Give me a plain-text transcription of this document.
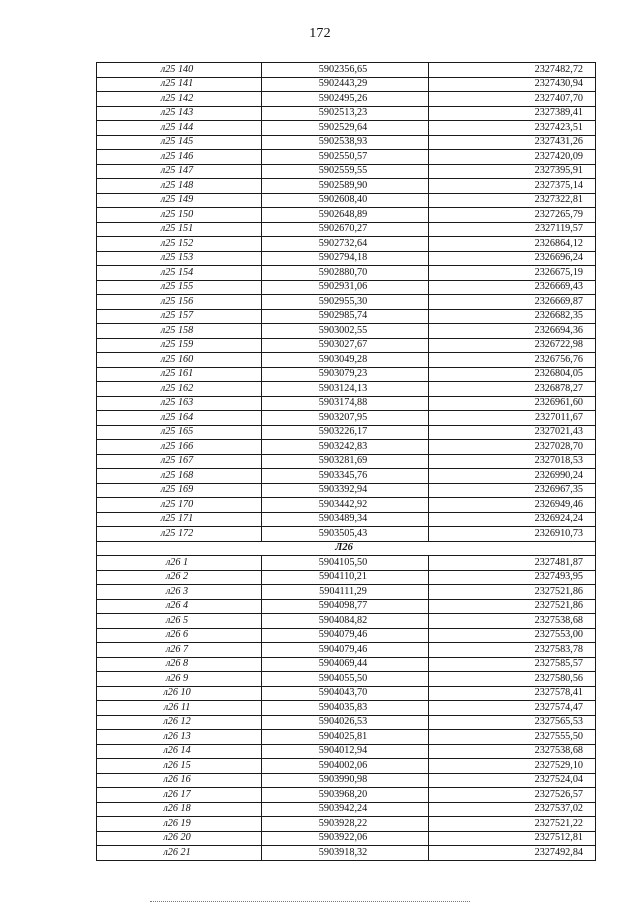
172
л25 140	5902356,65	2327482,72
л25 141	5902443,29	2327430,94
л25 142	5902495,26	2327407,70
л25 143	5902513,23	2327389,41
л25 144	5902529,64	2327423,51
л25 145	5902538,93	2327431,26
л25 146	5902550,57	2327420,09
л25 147	5902559,55	2327395,91
л25 148	5902589,90	2327375,14
л25 149	5902608,40	2327322,81
л25 150	5902648,89	2327265,79
л25 151	5902670,27	2327119,57
л25 152	5902732,64	2326864,12
л25 153	5902794,18	2326696,24
л25 154	5902880,70	2326675,19
л25 155	5902931,06	2326669,43
л25 156	5902955,30	2326669,87
л25 157	5902985,74	2326682,35
л25 158	5903002,55	2326694,36
л25 159	5903027,67	2326722,98
л25 160	5903049,28	2326756,76
л25 161	5903079,23	2326804,05
л25 162	5903124,13	2326878,27
л25 163	5903174,88	2326961,60
л25 164	5903207,95	2327011,67
л25 165	5903226,17	2327021,43
л25 166	5903242,83	2327028,70
л25 167	5903281,69	2327018,53
л25 168	5903345,76	2326990,24
л25 169	5903392,94	2326967,35
л25 170	5903442,92	2326949,46
л25 171	5903489,34	2326924,24
л25 172	5903505,43	2326910,73
Л26		
л26 1	5904105,50	2327481,87
л26 2	5904110,21	2327493,95
л26 3	5904111,29	2327521,86
л26 4	5904098,77	2327521,86
л26 5	5904084,82	2327538,68
л26 6	5904079,46	2327553,00
л26 7	5904079,46	2327583,78
л26 8	5904069,44	2327585,57
л26 9	5904055,50	2327580,56
л26 10	5904043,70	2327578,41
л26 11	5904035,83	2327574,47
л26 12	5904026,53	2327565,53
л26 13	5904025,81	2327555,50
л26 14	5904012,94	2327538,68
л26 15	5904002,06	2327529,10
л26 16	5903990,98	2327524,04
л26 17	5903968,20	2327526,57
л26 18	5903942,24	2327537,02
л26 19	5903928,22	2327521,22
л26 20	5903922,06	2327512,81
л26 21	5903918,32	2327492,84
